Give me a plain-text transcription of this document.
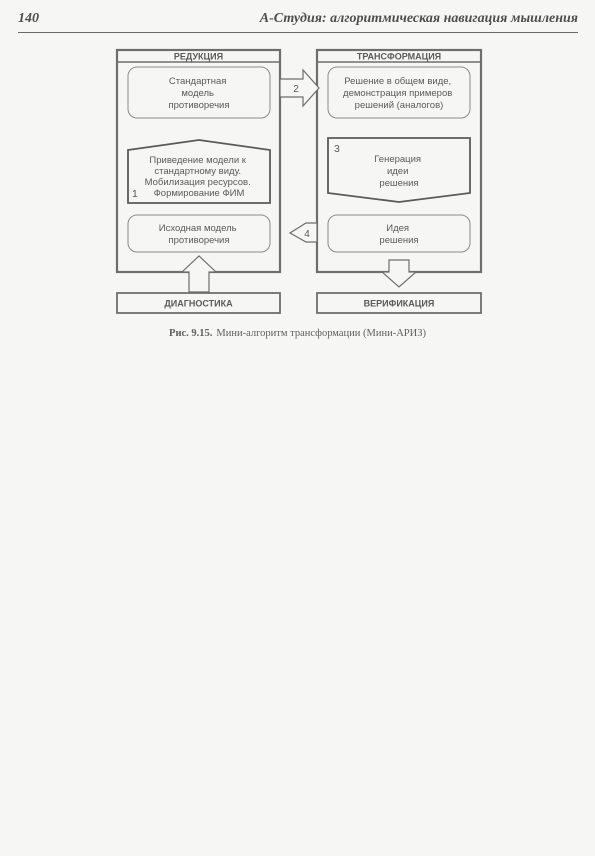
140	А-Студия: алгоритмическая навигация мышления
РЕДУКЦИЯ
Стандартная модель противоречия
Приведение модели к стандартному виду. Мобилизация ресурсов. Формирование ФИМ
1
Исходная модель противоречия
ТРАНСФОРМАЦИЯ
Решение в общем виде, демонстрация примеров решений (аналогов)
Генерация идеи решения
3
Идея решения
2
4
ДИАГНОСТИКА	ВЕРИФИКАЦИЯ
Рис. 9.15. Мини-алгоритм трансформации (Мини-АРИЗ)
